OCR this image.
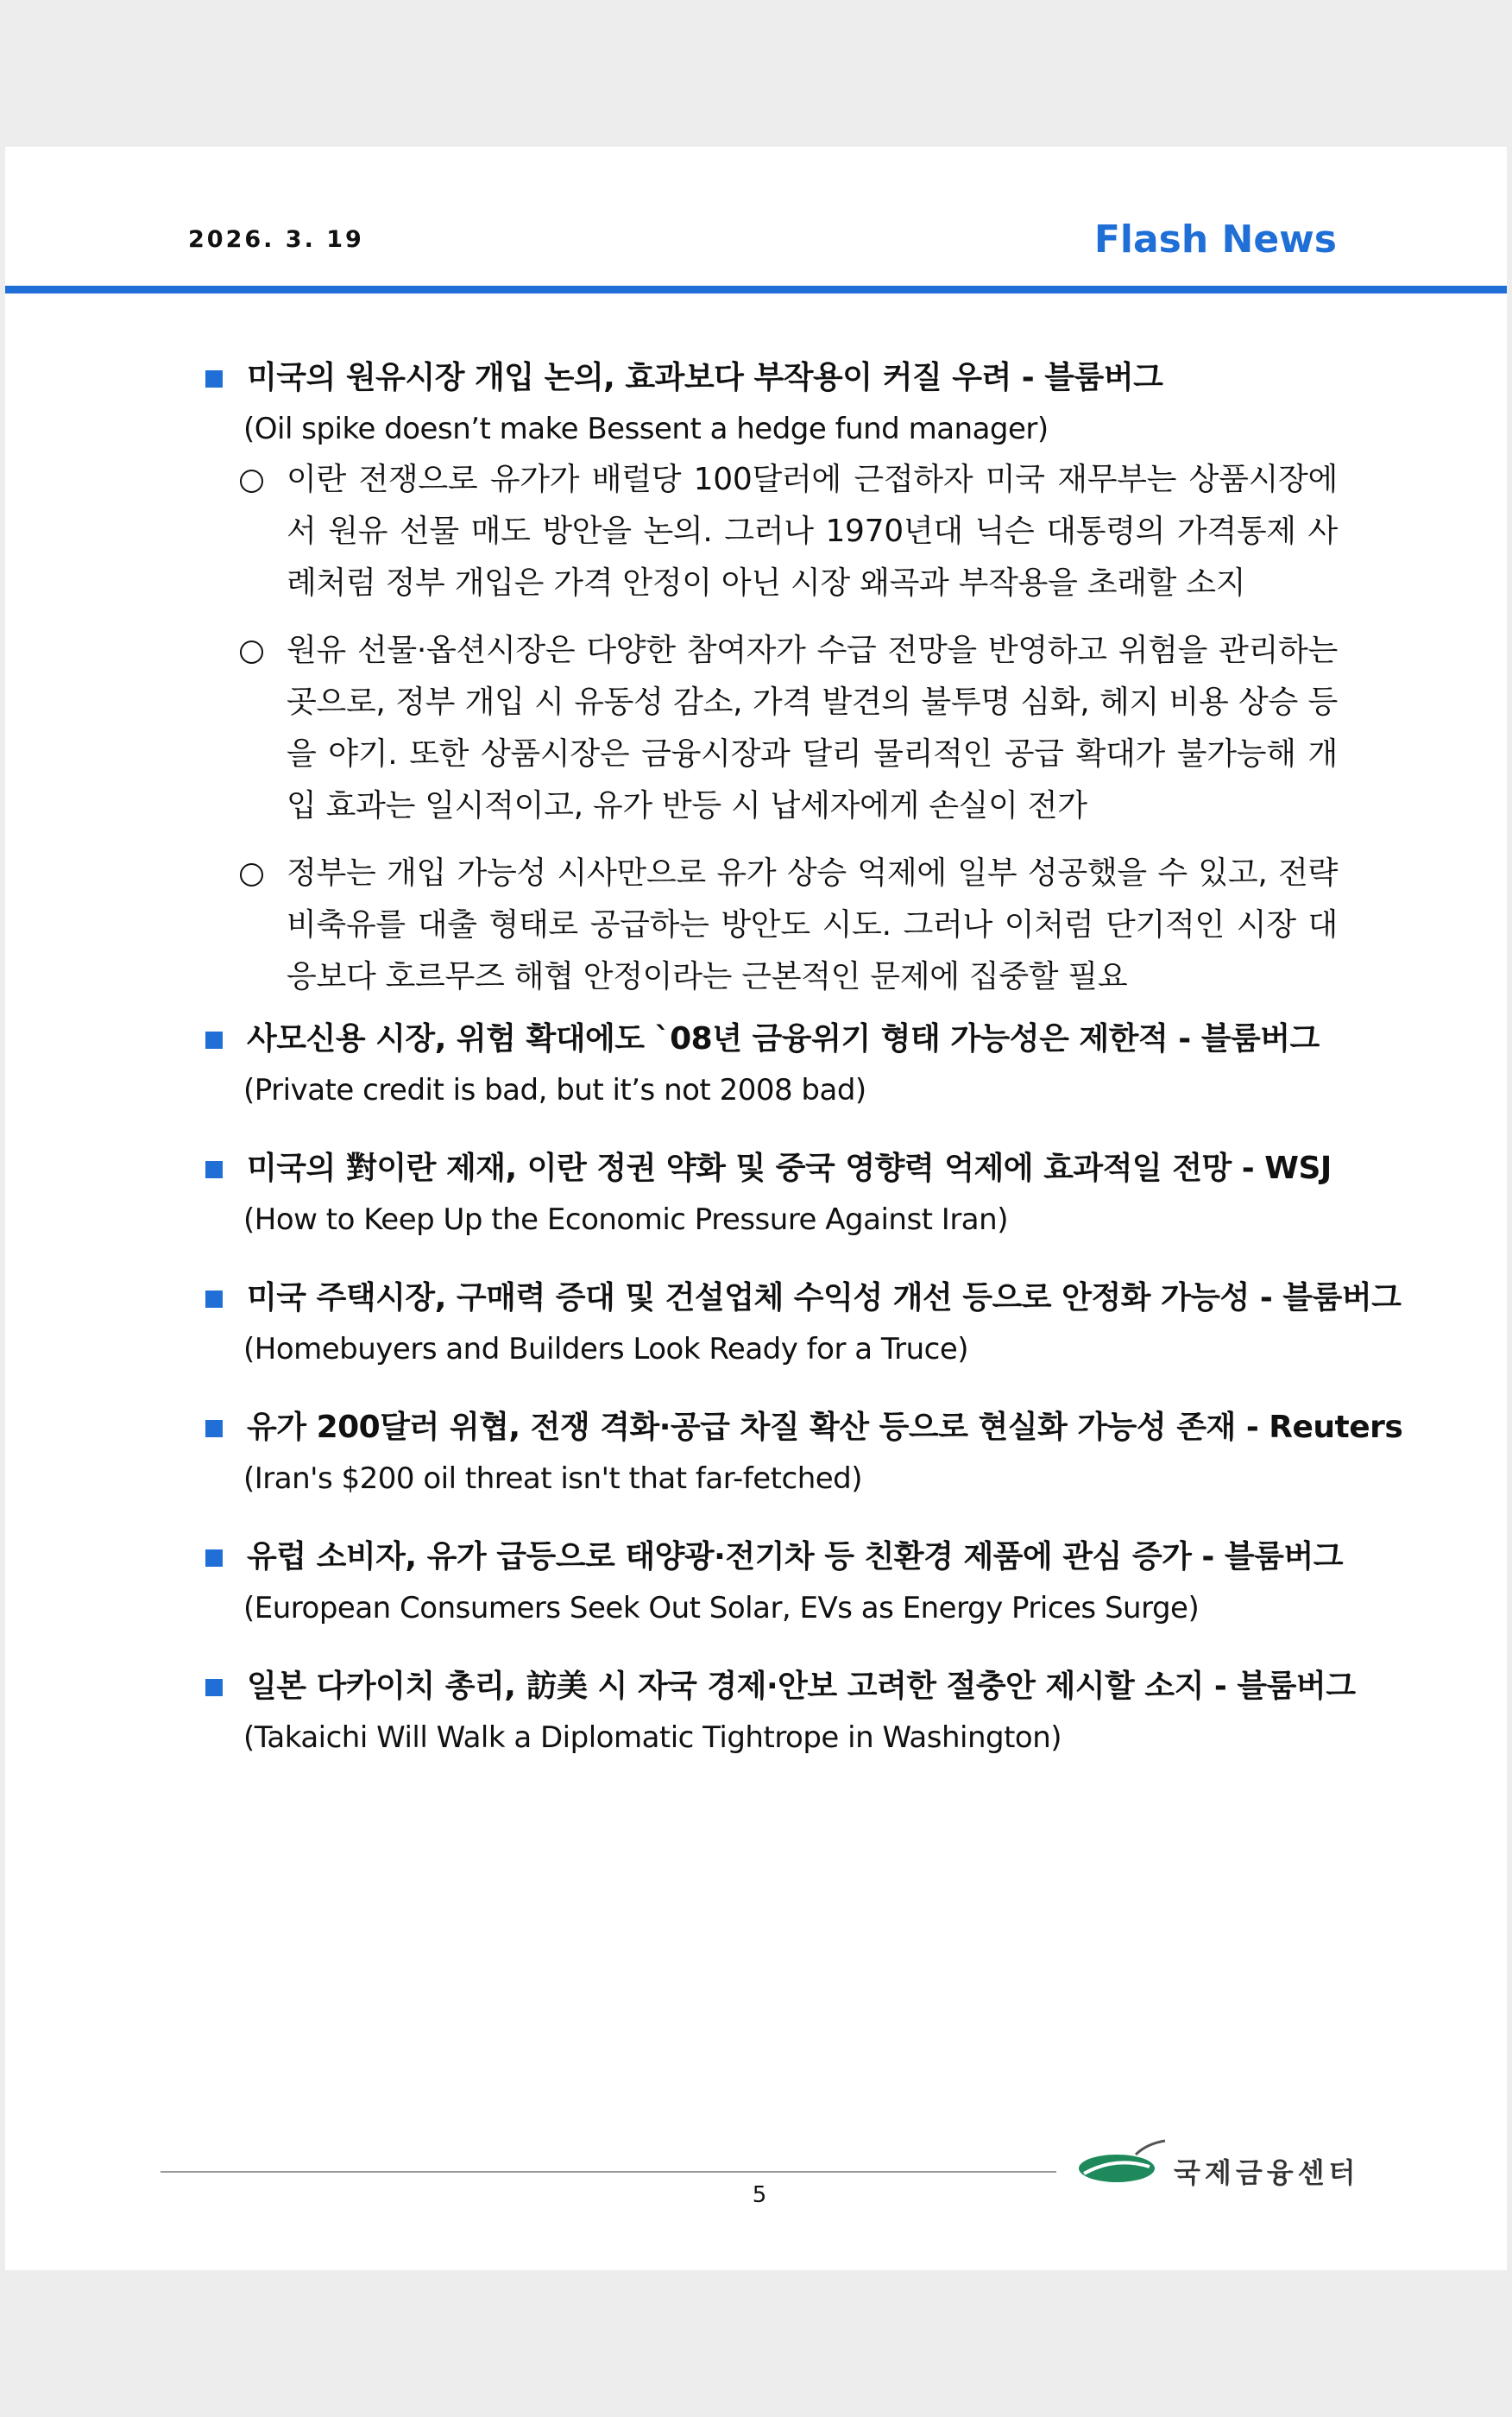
2026. 3. 19	Flash News
미국의 원유시장 개입 논의, 효과보다 부작용이 커질 우려 - 블룸버그
(Oil spike doesn’t make Bessent a hedge fund manager)
이란 전쟁으로 유가가 배럴당 100달러에 근접하자 미국 재무부는 상품시장에서 원유 선물 매도 방안을 논의. 그러나 1970년대 닉슨 대통령의 가격통제 사례처럼 정부 개입은 가격 안정이 아닌 시장 왜곡과 부작용을 초래할 소지
원유 선물·옵션시장은 다양한 참여자가 수급 전망을 반영하고 위험을 관리하는 곳으로, 정부 개입 시 유동성 감소, 가격 발견의 불투명 심화, 헤지 비용 상승 등을 야기. 또한 상품시장은 금융시장과 달리 물리적인 공급 확대가 불가능해 개입 효과는 일시적이고, 유가 반등 시 납세자에게 손실이 전가
정부는 개입 가능성 시사만으로 유가 상승 억제에 일부 성공했을 수 있고, 전략비축유를 대출 형태로 공급하는 방안도 시도. 그러나 이처럼 단기적인 시장 대응보다 호르무즈 해협 안정이라는 근본적인 문제에 집중할 필요
사모신용 시장, 위험 확대에도 `08년 금융위기 형태 가능성은 제한적 - 블룸버그
(Private credit is bad, but it’s not 2008 bad)
미국의 對이란 제재, 이란 정권 약화 및 중국 영향력 억제에 효과적일 전망 - WSJ
(How to Keep Up the Economic Pressure Against Iran)
미국 주택시장, 구매력 증대 및 건설업체 수익성 개선 등으로 안정화 가능성 - 블룸버그
(Homebuyers and Builders Look Ready for a Truce)
유가 200달러 위협, 전쟁 격화·공급 차질 확산 등으로 현실화 가능성 존재 - Reuters
(Iran's $200 oil threat isn't that far-fetched)
유럽 소비자, 유가 급등으로 태양광·전기차 등 친환경 제품에 관심 증가 - 블룸버그
(European Consumers Seek Out Solar, EVs as Energy Prices Surge)
일본 다카이치 총리, 訪美 시 자국 경제·안보 고려한 절충안 제시할 소지 - 블룸버그
(Takaichi Will Walk a Diplomatic Tightrope in Washington)
5
국제금융센터
